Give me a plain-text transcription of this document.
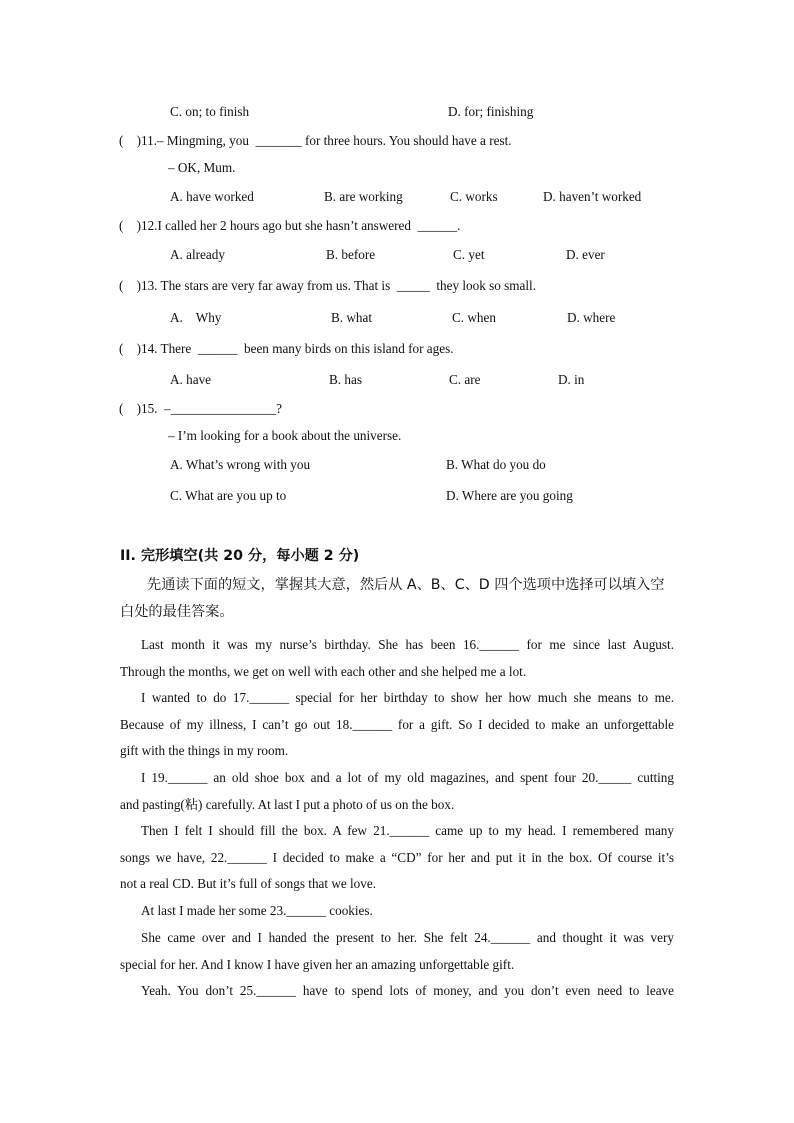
C. on; to finish	D. for; finishing
(    )11.– Mingming, you  _______ for three hours. You should have a rest.
– OK, Mum.
A. have worked	B. are working	C. works	D. haven’t worked
(    )12.I called her 2 hours ago but she hasn’t answered  ______.
A. already	B. before	C. yet	D. ever
(    )13. The stars are very far away from us. That is  _____  they look so small.
A.    Why	B. what	C. when	D. where
(    )14. There  ______  been many birds on this island for ages.
A. have	B. has	C. are	D. in
(    )15.  –________________?
– I’m looking for a book about the universe.
A. What’s wrong with you	B. What do you do
C. What are you up to	D. Where are you going
II. 完形填空(共 20 分，每小题 2 分)
先通读下面的短文，掌握其大意，然后从 A、B、C、D 四个选项中选择可以填入空白处的最佳答案。
Last month it was my nurse’s birthday. She has been 16.______ for me since last August.
Through the months, we get on well with each other and she helped me a lot.
I wanted to do 17.______ special for her birthday to show her how much she means to me.
Because of my illness, I can’t go out 18.______ for a gift. So I decided to make an unforgettable
gift with the things in my room.
I 19.______ an old shoe box and a lot of my old magazines, and spent four 20._____ cutting
and pasting(粘) carefully. At last I put a photo of us on the box.
Then I felt I should fill the box. A few 21.______ came up to my head. I remembered many
songs we have, 22.______ I decided to make a “CD” for her and put it in the box. Of course it’s
not a real CD. But it’s full of songs that we love.
At last I made her some 23.______ cookies.
She came over and I handed the present to her. She felt 24.______ and thought it was very
special for her. And I know I have given her an amazing unforgettable gift.
Yeah. You don’t 25.______ have to spend lots of money, and you don’t even need to leave
